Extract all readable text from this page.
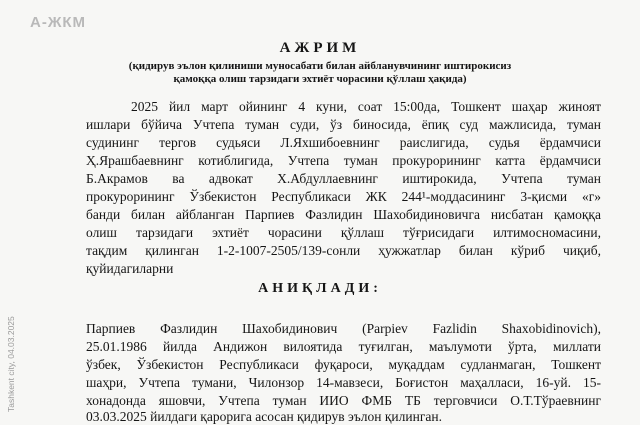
А-ЖКМ
Tashkent city, 04.03.2025
АЖРИМ
(қидирув эълон қилиниши муносабати билан айбланувчининг иштирокисиз
қамоққа олиш тарзидаги эхтиёт чорасини қўллаш ҳақида)
2025 йил март ойининг 4 куни, соат 15:00да, Тошкент шаҳар жиноят
ишлари бўйича Учтепа туман суди, ўз биносида, ёпиқ суд мажлисида, туман
судининг тергов судьяси Л.Яхшибоевнинг раислигида, судья ёрдамчиси
Ҳ.Ярашбаевнинг котиблигида, Учтепа туман прокурорининг катта ёрдамчиси
Б.Акрамов ва адвокат Х.Абдуллаевнинг иштирокида, Учтепа туман
прокурорининг Ўзбекистон Республикаси ЖК 244¹-моддасининг 3-қисми «г»
банди билан айбланган Парпиев Фазлидин Шахобидиновичга нисбатан қамоққа
олиш тарзидаги эхтиёт чорасини қўллаш тўғрисидаги илтимосномасини,
тақдим қилинган 1-2-1007-2505/139-сонли ҳужжатлар билан кўриб чиқиб,
қуйидагиларни
АНИҚЛАДИ:
Парпиев Фазлидин Шахобидинович (Parpiev Fazlidin Shaxobidinovich),
25.01.1986 йилда Андижон вилоятида туғилган, маълумоти ўрта, миллати
ўзбек, Ўзбекистон Республикаси фуқароси, муқаддам судланмаган, Тошкент
шаҳри, Учтепа тумани, Чилонзор 14-мавзеси, Боғистон маҳалласи, 16-уй. 15-
хонадонда яшовчи, Учтепа туман ИИО ФМБ ТБ терговчиси О.Т.Тўраевнинг
03.03.2025 йилдаги қарорига асосан қидирув эълон қилинган.
